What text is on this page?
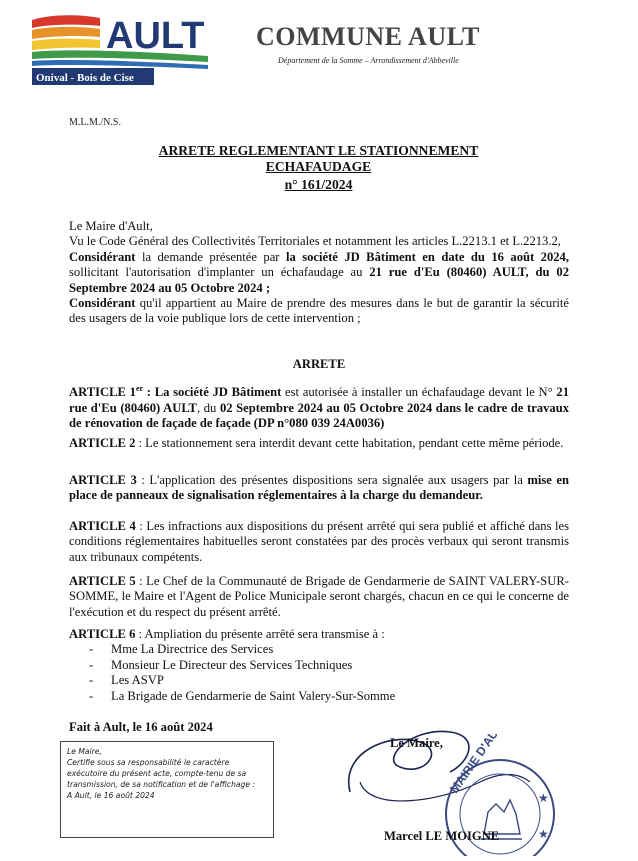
AULT
Onival - Bois de Cise
COMMUNE AULT
Département de la Somme – Arrondissement d'Abbeville
M.L.M./N.S.
ARRETE REGLEMENTANT LE STATIONNEMENT
ECHAFAUDAGE
n° 161/2024

Le Maire d'Ault,

Vu le Code Général des Collectivités Territoriales et notamment les articles L.2213.1 et L.2213.2,

Considérant la demande présentée par la société JD Bâtiment en date du 16 août 2024, sollicitant l'autorisation d'implanter un échafaudage au 21 rue d'Eu (80460) AULT, du 02 Septembre 2024 au 05 Octobre 2024 ;

Considérant qu'il appartient au Maire de prendre des mesures dans le but de garantir la sécurité des usagers de la voie publique lors de cette intervention ;

ARRETE

ARTICLE 1er : La société JD Bâtiment est autorisée à installer un échafaudage devant le N° 21 rue d'Eu (80460) AULT, du 02 Septembre 2024 au 05 Octobre 2024 dans le cadre de travaux de rénovation de façade de façade (DP n°080 039 24A0036)

ARTICLE 2 : Le stationnement sera interdit devant cette habitation, pendant cette même période.

ARTICLE 3 : L'application des présentes dispositions sera signalée aux usagers par la mise en place de panneaux de signalisation réglementaires à la charge du demandeur.

ARTICLE 4 : Les infractions aux dispositions du présent arrêté qui sera publié et affiché dans les conditions réglementaires habituelles seront constatées par des procès verbaux qui seront transmis aux tribunaux compétents.

ARTICLE 5 : Le Chef de la Communauté de Brigade de Gendarmerie de SAINT VALERY-SUR-SOMME, le Maire et l'Agent de Police Municipale seront chargés, chacun en ce qui le concerne de l'exécution et du respect du présent arrêté.

ARTICLE 6 : Ampliation du présente arrêté sera transmise à :

- Mme La Directrice des Services
- Monsieur Le Directeur des Services Techniques
- Les ASVP
- La Brigade de Gendarmerie de Saint Valery-Sur-Somme
Fait à Ault, le 16 août 2024
Le Maire,
Certifie sous sa responsabilité le caractère exécutoire du présent acte, compte-tenu de sa transmission, de sa notification et de l'affichage :
A Ault, le 16 août 2024
Le Maire, MAIRIE D'AULT
★
★
Marcel LE MOIGNE
